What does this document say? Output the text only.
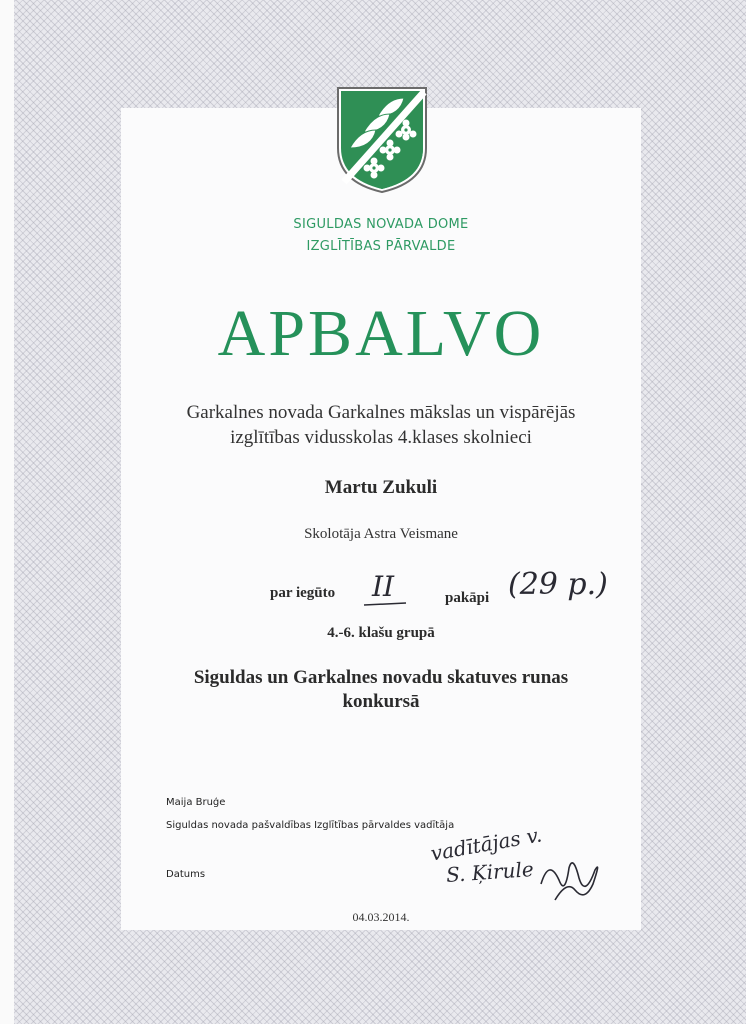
SIGULDAS NOVADA DOME
IZGLĪTĪBAS PĀRVALDE
APBALVO
Garkalnes novada Garkalnes mākslas un vispārējās
izglītības vidusskolas 4.klases skolnieci
Martu Zukuli
Skolotāja Astra Veismane
par iegūto II	pakāpi (29 p.)
4.-6. klašu grupā
Siguldas un Garkalnes novadu skatuves runas
konkursā
Maija Bruģe
Siguldas novada pašvaldības Izglītības pārvaldes vadītāja
Datums
vadītājas v.
S. Ķirule
04.03.2014.
